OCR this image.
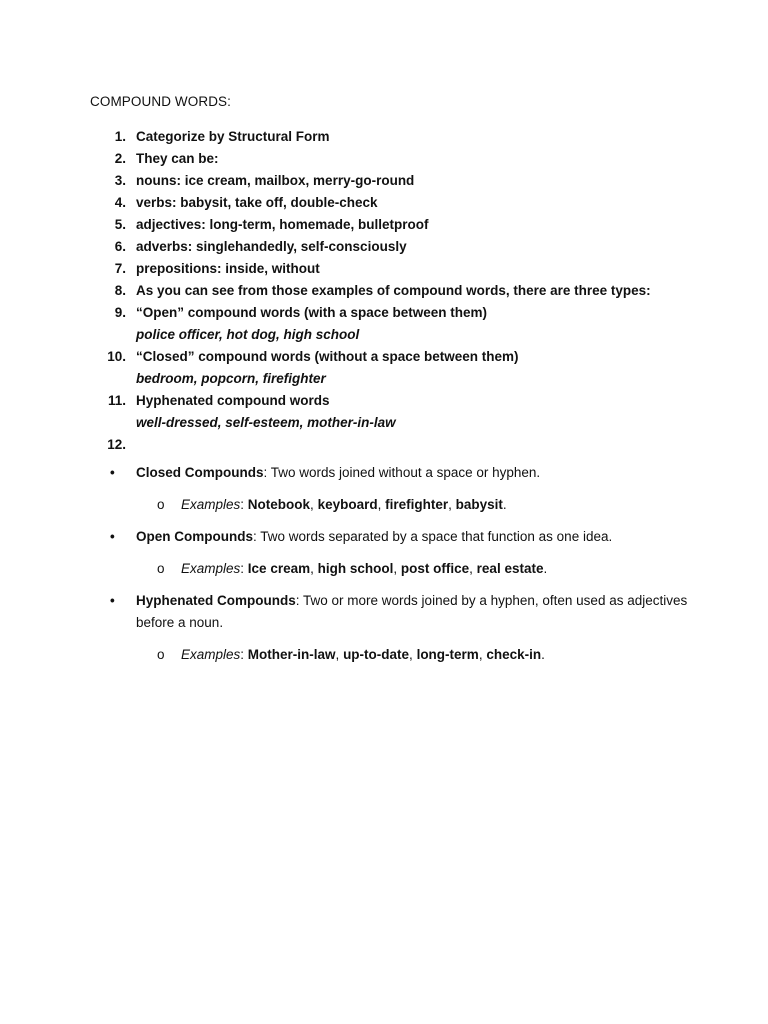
COMPOUND WORDS:
1. Categorize by Structural Form
2. They can be:
3. nouns: ice cream, mailbox, merry-go-round
4. verbs: babysit, take off, double-check
5. adjectives: long-term, homemade, bulletproof
6. adverbs: singlehandedly, self-consciously
7. prepositions: inside, without
8. As you can see from those examples of compound words, there are three types:
9. “Open” compound words (with a space between them)
police officer, hot dog, high school
10. “Closed” compound words (without a space between them)
bedroom, popcorn, firefighter
11. Hyphenated compound words
well-dressed, self-esteem, mother-in-law
12.
• Closed Compounds: Two words joined without a space or hyphen.
o Examples: Notebook, keyboard, firefighter, babysit.
• Open Compounds: Two words separated by a space that function as one idea.
o Examples: Ice cream, high school, post office, real estate.
• Hyphenated Compounds: Two or more words joined by a hyphen, often used as adjectives before a noun.
o Examples: Mother-in-law, up-to-date, long-term, check-in.
